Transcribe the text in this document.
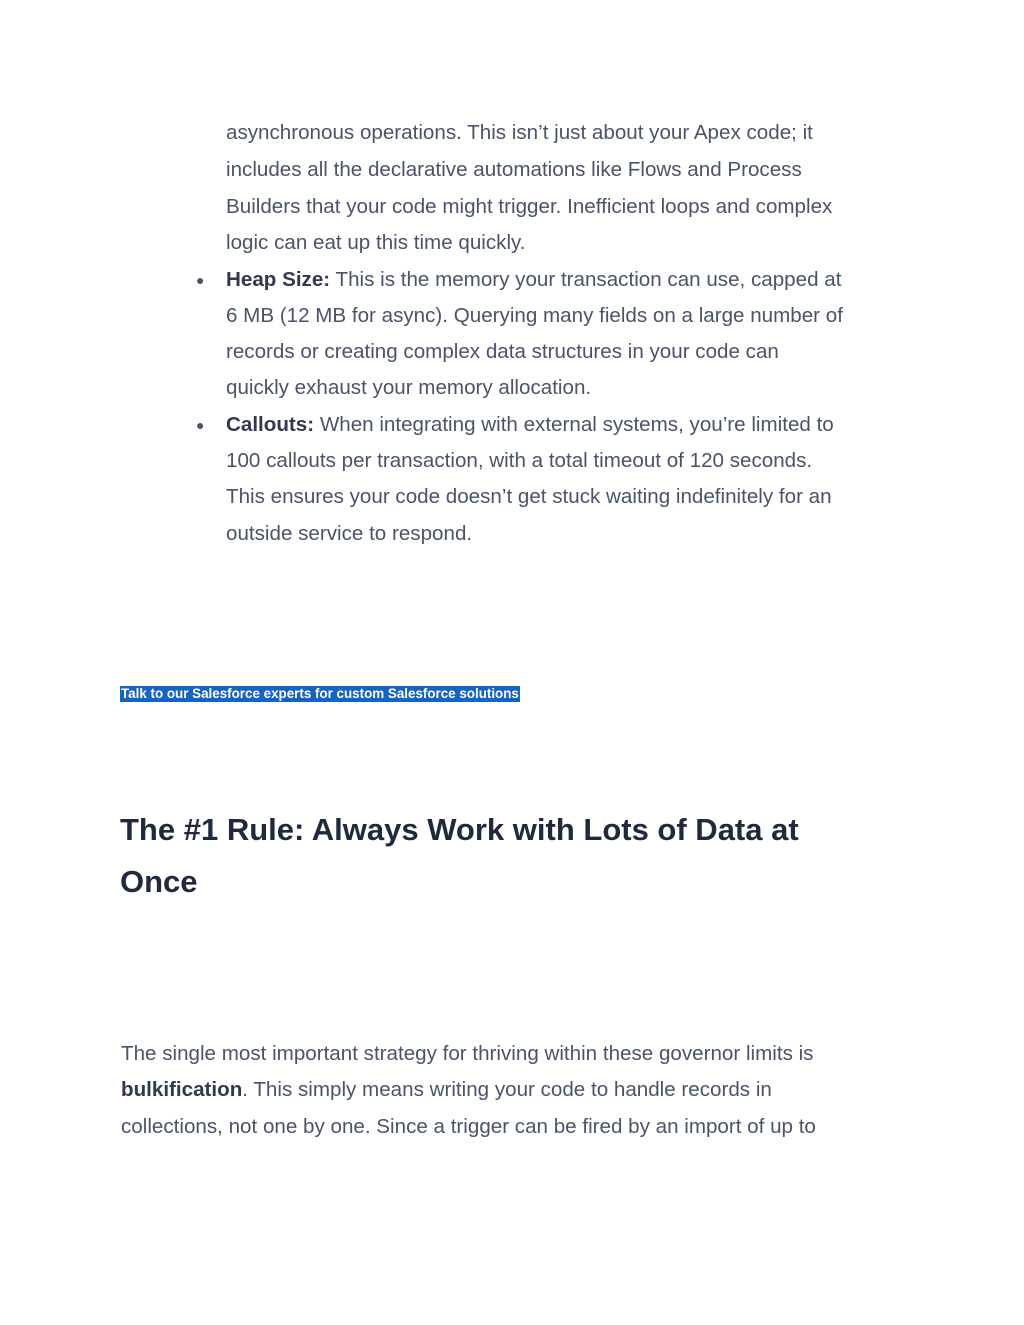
asynchronous operations. This isn’t just about your Apex code; it
includes all the declarative automations like Flows and Process
Builders that your code might trigger. Inefficient loops and complex
logic can eat up this time quickly.
● Heap Size: This is the memory your transaction can use, capped at
6 MB (12 MB for async). Querying many fields on a large number of
records or creating complex data structures in your code can
quickly exhaust your memory allocation.
● Callouts: When integrating with external systems, you’re limited to
100 callouts per transaction, with a total timeout of 120 seconds.
This ensures your code doesn’t get stuck waiting indefinitely for an
outside service to respond.
Talk to our Salesforce experts for custom Salesforce solutions
The #1 Rule: Always Work with Lots of Data at
Once
The single most important strategy for thriving within these governor limits is
bulkification. This simply means writing your code to handle records in
collections, not one by one. Since a trigger can be fired by an import of up to
